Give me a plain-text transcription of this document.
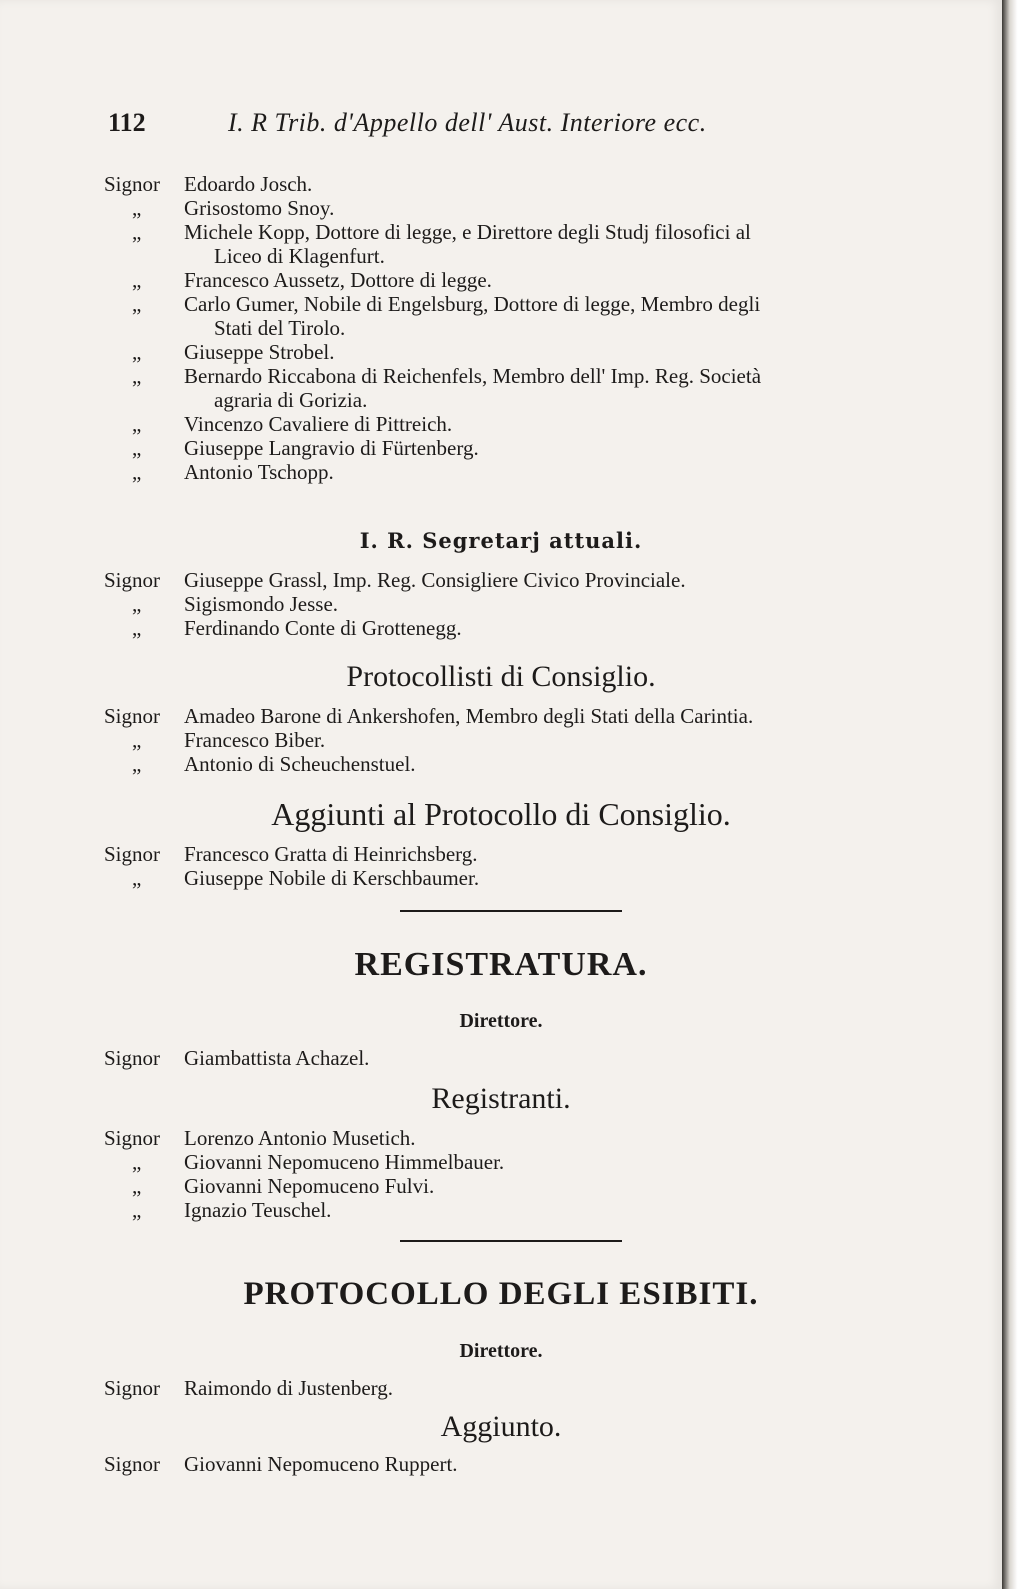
112	I. R Trib. d'Appello dell' Aust. Interiore ecc.
Signor	Edoardo Josch.
„	Grisostomo Snoy.
„	Michele Kopp, Dottore di legge, e Direttore degli Studj filosofici al
Liceo di Klagenfurt.
„	Francesco Aussetz, Dottore di legge.
„	Carlo Gumer, Nobile di Engelsburg, Dottore di legge, Membro degli
Stati del Tirolo.
„	Giuseppe Strobel.
„	Bernardo Riccabona di Reichenfels, Membro dell' Imp. Reg. Società
agraria di Gorizia.
„	Vincenzo Cavaliere di Pittreich.
„	Giuseppe Langravio di Fürtenberg.
„	Antonio Tschopp.
I. R. Segretarj attuali.
Signor	Giuseppe Grassl, Imp. Reg. Consigliere Civico Provinciale.
„	Sigismondo Jesse.
„	Ferdinando Conte di Grottenegg.
Protocollisti di Consiglio.
Signor	Amadeo Barone di Ankershofen, Membro degli Stati della Carintia.
„	Francesco Biber.
„	Antonio di Scheuchenstuel.
Aggiunti al Protocollo di Consiglio.
Signor	Francesco Gratta di Heinrichsberg.
„	Giuseppe Nobile di Kerschbaumer.
REGISTRATURA.
Direttore.
Signor	Giambattista Achazel.
Registranti.
Signor	Lorenzo Antonio Musetich.
„	Giovanni Nepomuceno Himmelbauer.
„	Giovanni Nepomuceno Fulvi.
„	Ignazio Teuschel.
PROTOCOLLO DEGLI ESIBITI.
Direttore.
Signor	Raimondo di Justenberg.
Aggiunto.
Signor	Giovanni Nepomuceno Ruppert.
